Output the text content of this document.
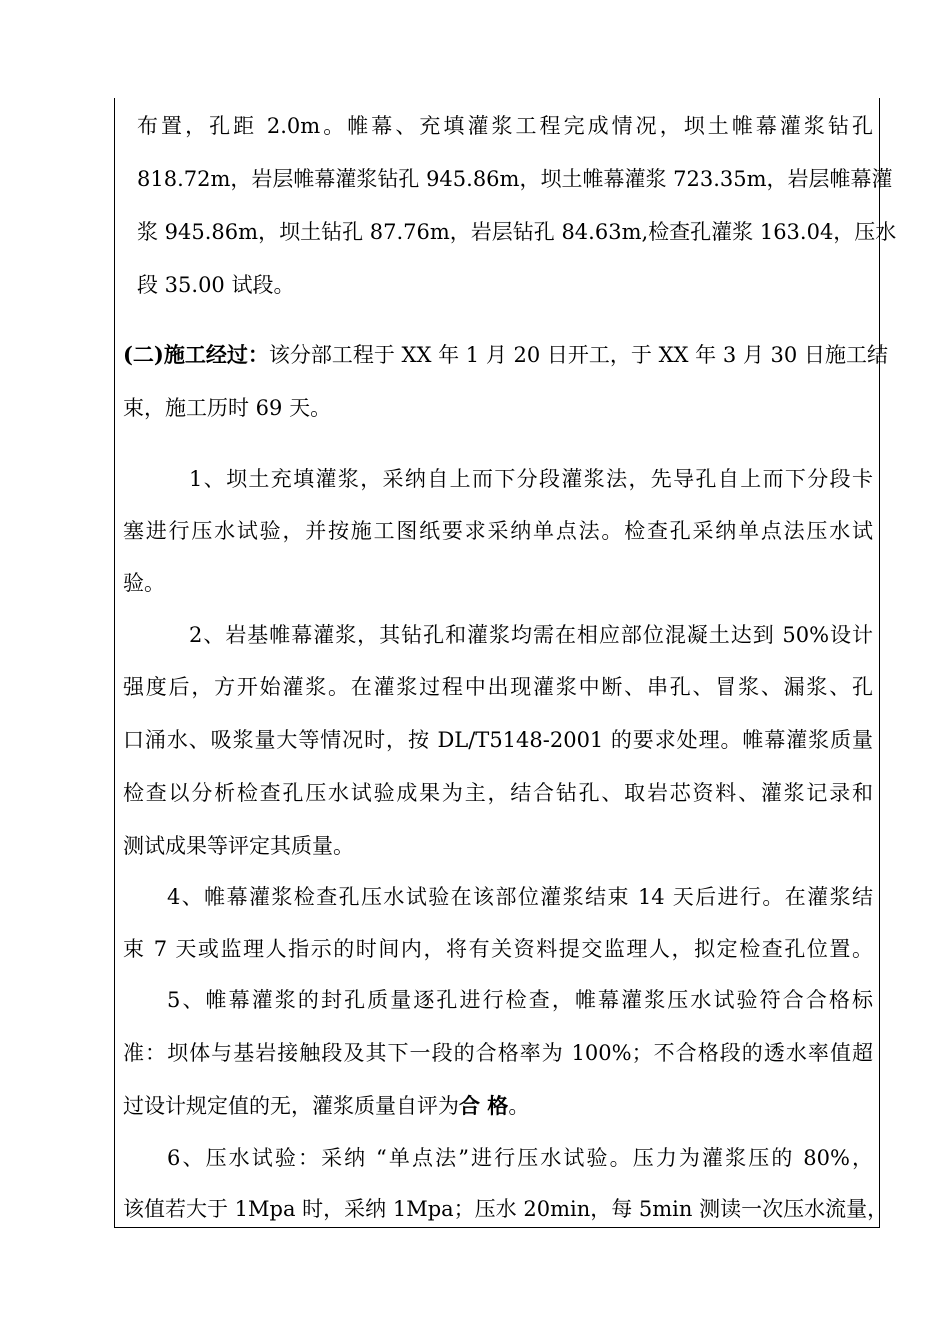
布置，孔距 2.0m。帷幕、充填灌浆工程完成情况，坝土帷幕灌浆钻孔
818.72m，岩层帷幕灌浆钻孔 945.86m，坝土帷幕灌浆 723.35m，岩层帷幕灌
浆 945.86m，坝土钻孔 87.76m，岩层钻孔 84.63m,检查孔灌浆 163.04，压水
段 35.00 试段。
(二)施工经过：该分部工程于 XX 年 1 月 20 日开工，于 XX 年 3 月 30 日施工结
束，施工历时 69 天。
1、坝土充填灌浆，采纳自上而下分段灌浆法，先导孔自上而下分段卡
塞进行压水试验，并按施工图纸要求采纳单点法。检查孔采纳单点法压水试
验。
2、岩基帷幕灌浆，其钻孔和灌浆均需在相应部位混凝土达到 50%设计
强度后，方开始灌浆。在灌浆过程中出现灌浆中断、串孔、冒浆、漏浆、孔
口涌水、吸浆量大等情况时，按 DL/T5148-2001 的要求处理。帷幕灌浆质量
检查以分析检查孔压水试验成果为主，结合钻孔、取岩芯资料、灌浆记录和
测试成果等评定其质量。
4、帷幕灌浆检查孔压水试验在该部位灌浆结束 14 天后进行。在灌浆结
束 7 天或监理人指示的时间内，将有关资料提交监理人，拟定检查孔位置。
5、帷幕灌浆的封孔质量逐孔进行检查，帷幕灌浆压水试验符合合格标
准：坝体与基岩接触段及其下一段的合格率为 100%；不合格段的透水率值超
过设计规定值的无，灌浆质量自评为合 格。
6、压水试验：采纳 “单点法”进行压水试验。压力为灌浆压的 80%，
该值若大于 1Mpa 时，采纳 1Mpa；压水 20min，每 5min 测读一次压水流量，
